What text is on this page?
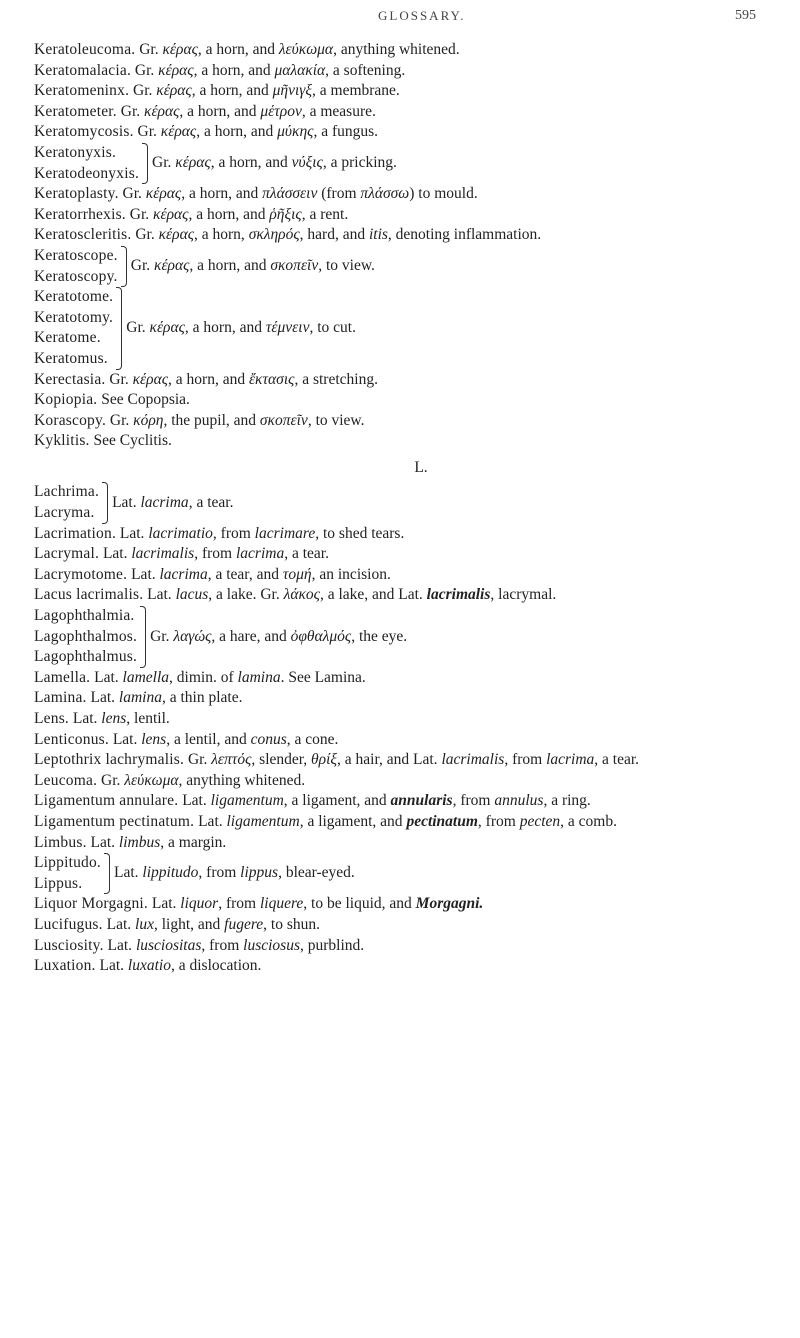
GLOSSARY.	595
Keratoleucoma. Gr. κέρας, a horn, and λεύκωμα, anything whitened.
Keratomalacia. Gr. κέρας, a horn, and μαλακία, a softening.
Keratomeninx. Gr. κέρας, a horn, and μῆνιγξ, a membrane.
Keratometer. Gr. κέρας, a horn, and μέτρον, a measure.
Keratomycosis. Gr. κέρας, a horn, and μύκης, a fungus.
Keratonyxis.
Keratodeonyxis.
Gr. κέρας, a horn, and νύξις, a pricking.
Keratoplasty. Gr. κέρας, a horn, and πλάσσειν (from πλάσσω) to mould.
Keratorrhexis. Gr. κέρας, a horn, and ῥῆξις, a rent.
Keratoscleritis. Gr. κέρας, a horn, σκληρός, hard, and itis, denoting inflammation.
Keratoscope.
Keratoscopy.
Gr. κέρας, a horn, and σκοπεῖν, to view.
Keratotome.
Keratotomy.
Keratome.
Keratomus.
Gr. κέρας, a horn, and τέμνειν, to cut.
Kerectasia. Gr. κέρας, a horn, and ἔκτασις, a stretching.
Kopiopia. See Copopsia.
Korascopy. Gr. κόρη, the pupil, and σκοπεῖν, to view.
Kyklitis. See Cyclitis.
L.
Lachrima.
Lacryma.
Lat. lacrima, a tear.
Lacrimation. Lat. lacrimatio, from lacrimare, to shed tears.
Lacrymal. Lat. lacrimalis, from lacrima, a tear.
Lacrymotome. Lat. lacrima, a tear, and τομή, an incision.
Lacus lacrimalis. Lat. lacus, a lake. Gr. λάκος, a lake, and Lat. lacrimalis, lacrymal.
Lagophthalmia.
Lagophthalmos.
Lagophthalmus.
Gr. λαγώς, a hare, and ὀφθαλμός, the eye.
Lamella. Lat. lamella, dimin. of lamina. See Lamina.
Lamina. Lat. lamina, a thin plate.
Lens. Lat. lens, lentil.
Lenticonus. Lat. lens, a lentil, and conus, a cone.
Leptothrix lachrymalis. Gr. λεπτός, slender, θρίξ, a hair, and Lat. lacrimalis, from lacrima, a tear.
Leucoma. Gr. λεύκωμα, anything whitened.
Ligamentum annulare. Lat. ligamentum, a ligament, and annularis, from annulus, a ring.
Ligamentum pectinatum. Lat. ligamentum, a ligament, and pectinatum, from pecten, a comb.
Limbus. Lat. limbus, a margin.
Lippitudo.
Lippus.
Lat. lippitudo, from lippus, blear-eyed.
Liquor Morgagni. Lat. liquor, from liquere, to be liquid, and Morgagni.
Lucifugus. Lat. lux, light, and fugere, to shun.
Lusciosity. Lat. lusciositas, from lusciosus, purblind.
Luxation. Lat. luxatio, a dislocation.
